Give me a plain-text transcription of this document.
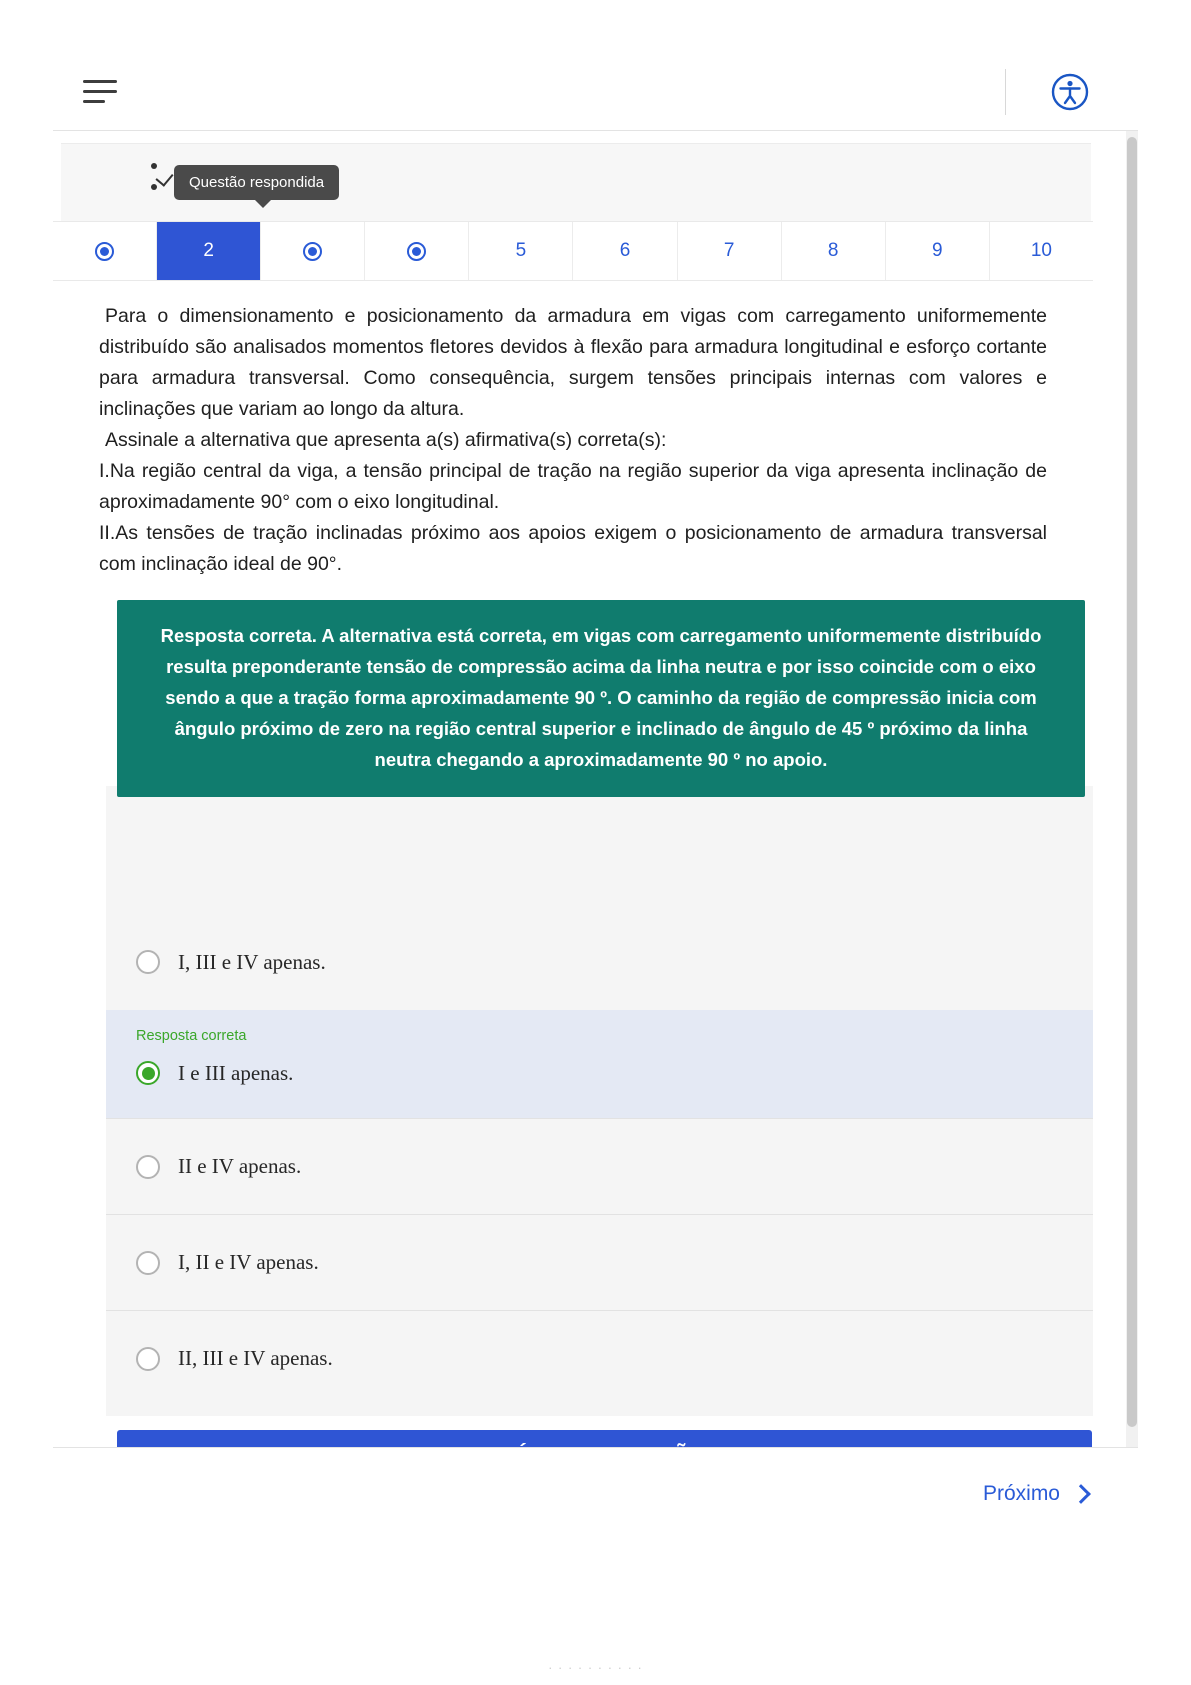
Questão respondida
2	5	6	7	8	9	10

Para o dimensionamento e posicionamento da armadura em vigas com carregamento uniformemente distribuído são analisados momentos fletores devidos à flexão para armadura longitudinal e esforço cortante para armadura transversal. Como consequência, surgem tensões principais internas com valores e inclinações que variam ao longo da altura.

Assinale a alternativa que apresenta a(s) afirmativa(s) correta(s):

I.Na região central da viga, a tensão principal de tração na região superior da viga apresenta inclinação de aproximadamente 90° com o eixo longitudinal.

II.As tensões de tração inclinadas próximo aos apoios exigem o posicionamento de armadura transversal com inclinação ideal de 90°.

I, III e IV apenas.
Resposta correta
I e III apenas.
II e IV apenas.
I, II e IV apenas.
II, III e IV apenas.
Resposta correta. A alternativa está correta, em vigas com carregamento uniformemente distribuído resulta preponderante tensão de compressão acima da linha neutra e por isso coincide com o eixo sendo a que a tração forma aproximadamente 90 º. O caminho da região de compressão inicia com ângulo próximo de zero na região central superior e inclinado de ângulo de 45 º próximo da linha neutra chegando a aproximadamente 90 º no apoio.
Próximo
· · · · · · · · · ·
